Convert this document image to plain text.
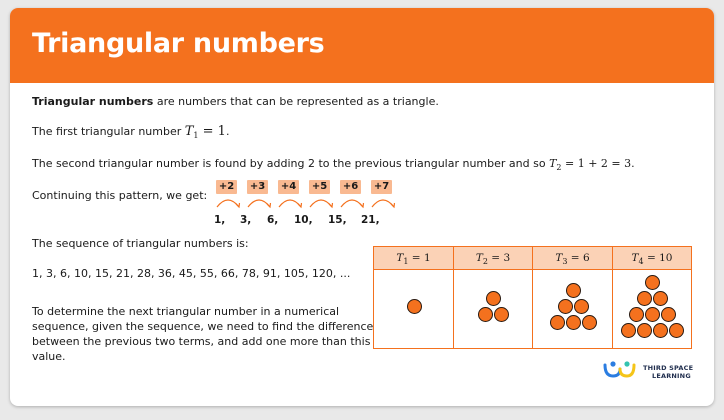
Triangular numbers

Triangular numbers are numbers that can be represented as a triangle.

The first triangular number $T_1 = 1$.

The second triangular number is found by adding 2 to the previous triangular number and so $T_2 = 1 + 2 = 3$.

Continuing this pattern, we get:

+2 +3 +4 +5 +6 +7
1, 3, 6, 10, 15, 21,

The sequence of triangular numbers is:

1, 3, 6, 10, 15, 21, 28, 36, 45, 55, 66, 78, 91, 105, 120, ...

To determine the next triangular number in a numerical

sequence, given the sequence, we need to find the difference

between the previous two terms, and add one more than this

value.

$T_1 = 1$	$T_2 = 3$	$T_3 = 6$	$T_4 = 10$
THIRD SPACE
LEARNING
